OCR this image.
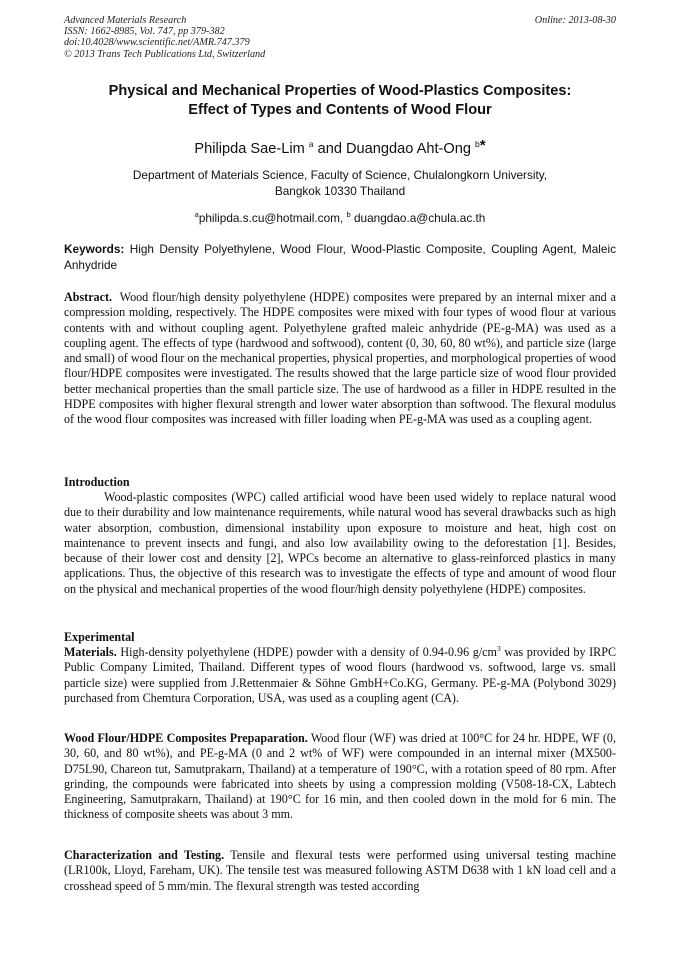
Advanced Materials Research
ISSN: 1662-8985, Vol. 747, pp 379-382
doi:10.4028/www.scientific.net/AMR.747.379
© 2013 Trans Tech Publications Ltd, Switzerland
Online: 2013-08-30
Physical and Mechanical Properties of Wood-Plastics Composites:
Effect of Types and Contents of Wood Flour
Philipda Sae-Lim $^a$ and Duangdao Aht-Ong $^b$*
Department of Materials Science, Faculty of Science, Chulalongkorn University,
Bangkok 10330 Thailand
$^a$philipda.s.cu@hotmail.com, $^b$ duangdao.a@chula.ac.th
Keywords: High Density Polyethylene, Wood Flour, Wood-Plastic Composite, Coupling Agent, Maleic Anhydride

Abstract. Wood flour/high density polyethylene (HDPE) composites were prepared by an internal mixer and a compression molding, respectively. The HDPE composites were mixed with four types of wood flour at various contents with and without coupling agent. Polyethylene grafted maleic anhydride (PE-g-MA) was used as a coupling agent. The effects of type (hardwood and softwood), content (0, 30, 60, 80 wt%), and particle size (large and small) of wood flour on the mechanical properties, physical properties, and morphological properties of wood flour/HDPE composites were investigated. The results showed that the large particle size of wood flour provided better mechanical properties than the small particle size. The use of hardwood as a filler in HDPE resulted in the HDPE composites with higher flexural strength and lower water absorption than softwood. The flexural modulus of the wood flour composites was increased with filler loading when PE-g-MA was used as a coupling agent.

Introduction

Wood-plastic composites (WPC) called artificial wood have been used widely to replace natural wood due to their durability and low maintenance requirements, while natural wood has several drawbacks such as high water absorption, combustion, dimensional instability upon exposure to moisture and heat, high cost on maintenance to prevent insects and fungi, and also low availability owing to the deforestation [1]. Besides, because of their lower cost and density [2], WPCs become an alternative to glass-reinforced plastics in many applications. Thus, the objective of this research was to investigate the effects of type and amount of wood flour on the physical and mechanical properties of the wood flour/high density polyethylene (HDPE) composites.

Experimental

Materials. High-density polyethylene (HDPE) powder with a density of 0.94-0.96 $g/cm^3$ was provided by IRPC Public Company Limited, Thailand. Different types of wood flours (hardwood vs. softwood, large vs. small particle size) were supplied from J.Rettenmaier & Söhne GmbH+Co.KG, Germany. PE-g-MA (Polybond 3029) purchased from Chemtura Corporation, USA, was used as a coupling agent (CA).

Wood Flour/HDPE Composites Prepaparation. Wood flour (WF) was dried at 100°C for 24 hr. HDPE, WF (0, 30, 60, and 80 wt%), and PE-g-MA (0 and 2 wt% of WF) were compounded in an internal mixer (MX500-D75L90, Chareon tut, Samutprakarn, Thailand) at a temperature of 190°C, with a rotation speed of 80 rpm. After grinding, the compounds were fabricated into sheets by using a compression molding (V508-18-CX, Labtech Engineering, Samutprakarn, Thailand) at 190°C for 16 min, and then cooled down in the mold for 6 min. The thickness of composite sheets was about 3 mm.

Characterization and Testing. Tensile and flexural tests were performed using universal testing machine (LR100k, Lloyd, Fareham, UK). The tensile test was measured following ASTM D638 with 1 kN load cell and a crosshead speed of 5 mm/min. The flexural strength was tested according
